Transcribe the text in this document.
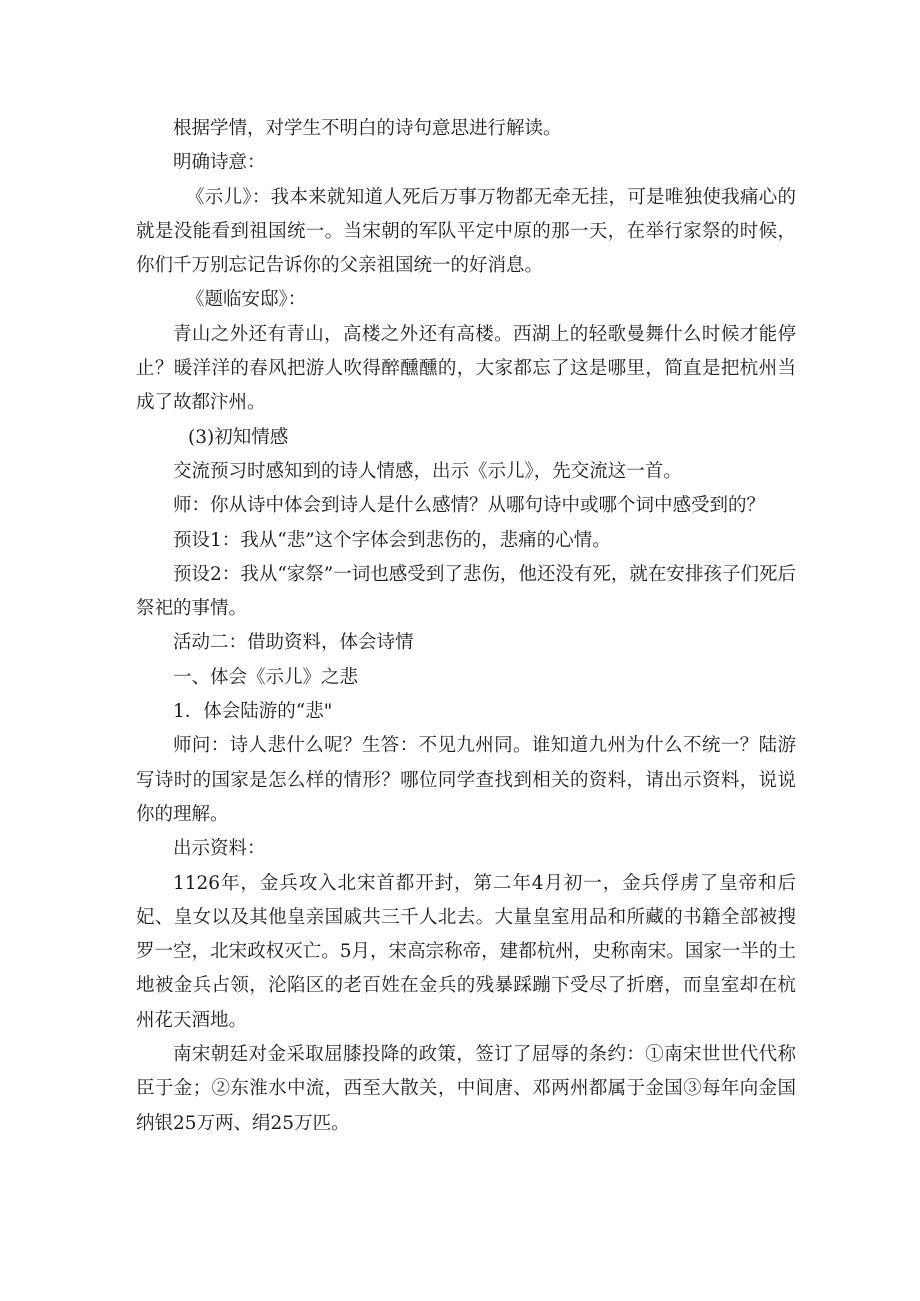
根据学情，对学生不明白的诗句意思进行解读。

明确诗意：

《示儿》：我本来就知道人死后万事万物都无牵无挂，可是唯独使我痛心的就是没能看到祖国统一。当宋朝的军队平定中原的那一天，在举行家祭的时候，你们千万别忘记告诉你的父亲祖国统一的好消息。

《题临安邸》：

青山之外还有青山，高楼之外还有高楼。西湖上的轻歌曼舞什么时候才能停止？暖洋洋的春风把游人吹得醉醺醺的，大家都忘了这是哪里，简直是把杭州当成了故都汴州。

(3)初知情感

交流预习时感知到的诗人情感，出示《示儿》，先交流这一首。

师：你从诗中体会到诗人是什么感情？从哪句诗中或哪个词中感受到的？

预设1：我从“悲”这个字体会到悲伤的，悲痛的心情。

预设2：我从“家祭”一词也感受到了悲伤，他还没有死，就在安排孩子们死后祭祀的事情。

活动二：借助资料，体会诗情

一、体会《示儿》之悲

1．体会陆游的“悲"

师问：诗人悲什么呢？生答：不见九州同。谁知道九州为什么不统一？陆游写诗时的国家是怎么样的情形？哪位同学查找到相关的资料，请出示资料，说说你的理解。

出示资料：

1126年，金兵攻入北宋首都开封，第二年4月初一，金兵俘虏了皇帝和后妃、皇女以及其他皇亲国戚共三千人北去。大量皇室用品和所藏的书籍全部被搜罗一空，北宋政权灭亡。5月，宋高宗称帝，建都杭州，史称南宋。国家一半的土地被金兵占领，沦陷区的老百姓在金兵的残暴踩蹦下受尽了折磨，而皇室却在杭州花天酒地。

南宋朝廷对金采取屈膝投降的政策，签订了屈辱的条约：①南宋世世代代称臣于金；②东淮水中流，西至大散关，中间唐、邓两州都属于金国③每年向金国纳银25万两、绢25万匹。
